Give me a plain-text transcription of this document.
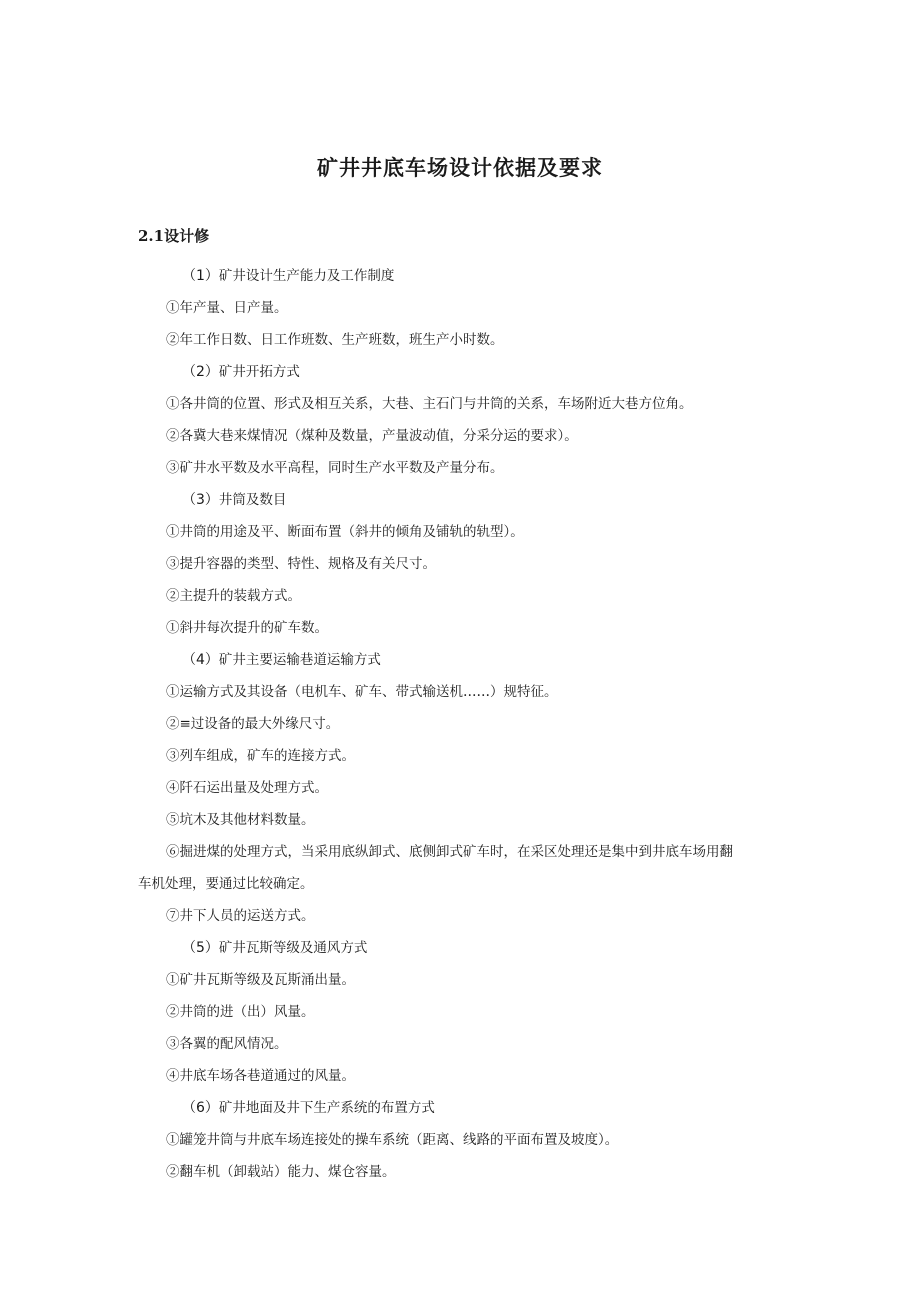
矿井井底车场设计依据及要求
2.1设计修
（1）矿井设计生产能力及工作制度
①年产量、日产量。
②年工作日数、日工作班数、生产班数，班生产小时数。
（2）矿井开拓方式
①各井筒的位置、形式及相互关系，大巷、主石门与井筒的关系，车场附近大巷方位角。
②各冀大巷来煤情况（煤种及数量，产量波动值，分采分运的要求）。
③矿井水平数及水平高程，同时生产水平数及产量分布。
（3）井筒及数目
①井筒的用途及平、断面布置（斜井的倾角及铺轨的轨型）。
③提升容器的类型、特性、规格及有关尺寸。
②主提升的装载方式。
①斜井每次提升的矿车数。
（4）矿井主要运输巷道运输方式
①运输方式及其设备（电机车、矿车、带式输送机……）规特征。
②≡过设备的最大外缘尺寸。
③列车组成，矿车的连接方式。
④阡石运出量及处理方式。
⑤坑木及其他材料数量。
⑥掘进煤的处理方式，当采用底纵卸式、底侧卸式矿车时，在采区处理还是集中到井底车场用翻
车机处理，要通过比较确定。
⑦井下人员的运送方式。
（5）矿井瓦斯等级及通风方式
①矿井瓦斯等级及瓦斯涌出量。
②井筒的进（出）风量。
③各翼的配风情况。
④井底车场各巷道通过的风量。
（6）矿井地面及井下生产系统的布置方式
①罐笼井筒与井底车场连接处的操车系统（距离、线路的平面布置及坡度）。
②翻车机（卸载站）能力、煤仓容量。
